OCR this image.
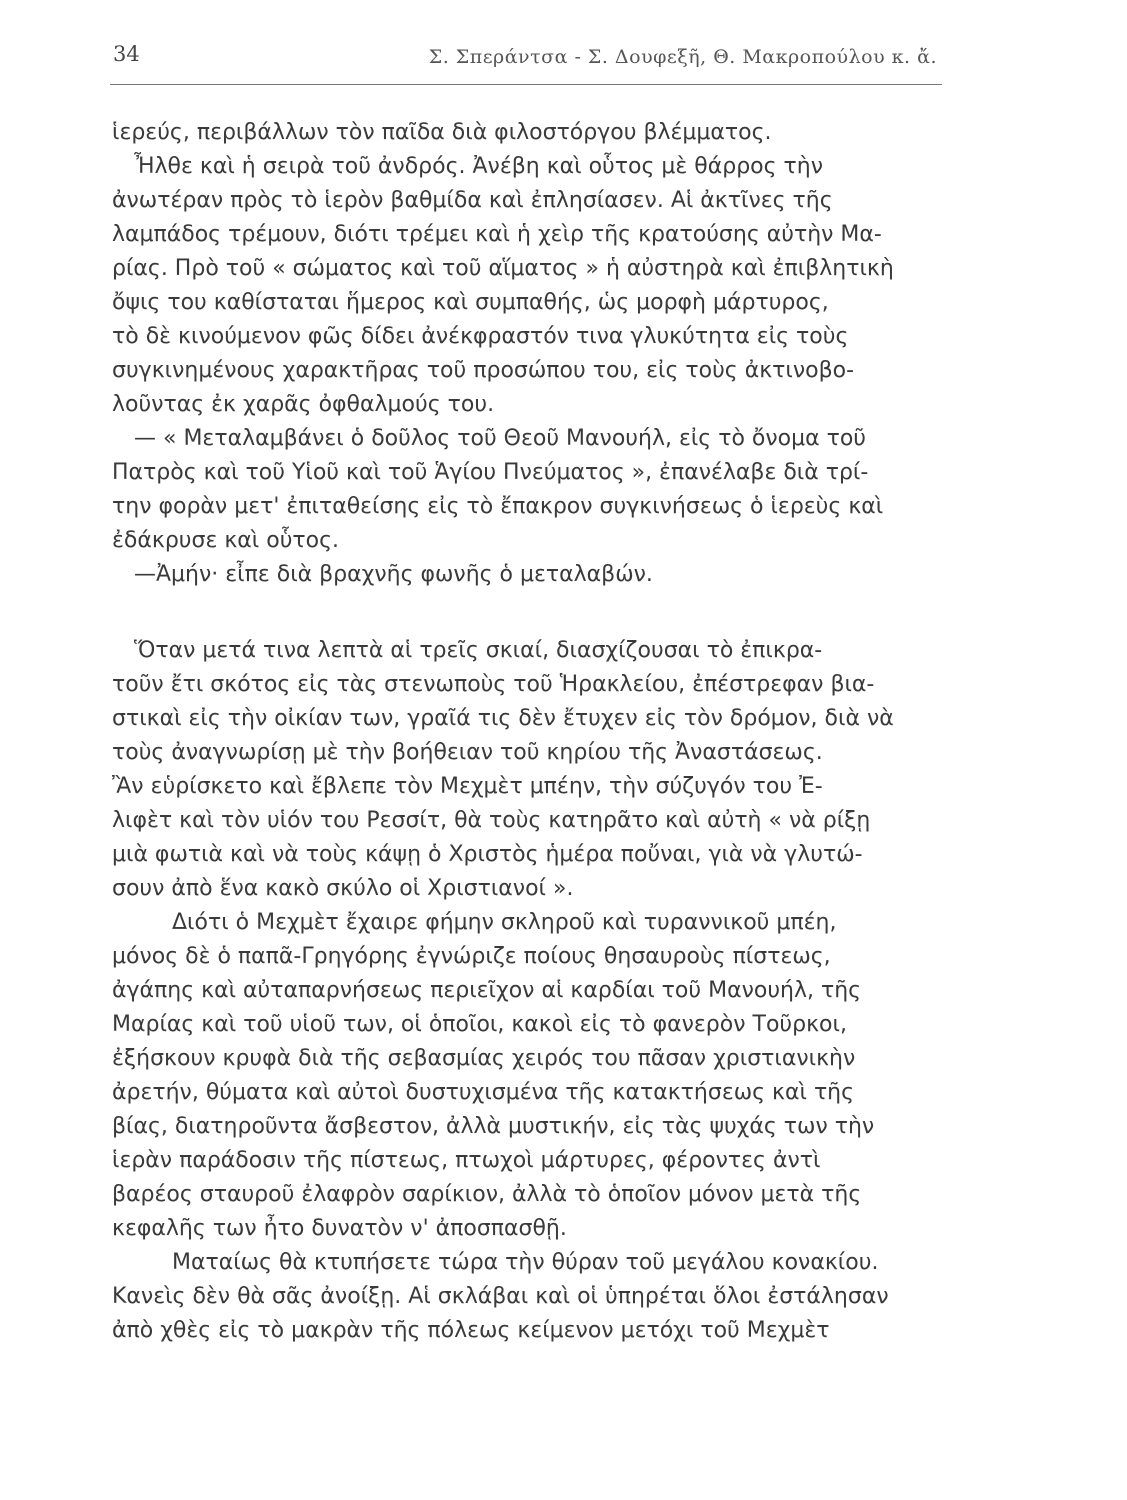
34	Σ. Σπεράντσα - Σ. Δουφεξῆ, Θ. Μακροπούλου κ. ἄ.
ἱερεύς, περιβάλλων τὸν παῖδα διὰ φιλοστόργου βλέμματος.
Ἦλθε καὶ ἡ σειρὰ τοῦ ἀνδρός. Ἀνέβη καὶ οὗτος μὲ θάρρος τὴν
ἀνωτέραν πρὸς τὸ ἱερὸν βαθμίδα καὶ ἐπλησίασεν. Αἱ ἀκτῖνες τῆς
λαμπάδος τρέμουν, διότι τρέμει καὶ ἡ χεὶρ τῆς κρατούσης αὐτὴν Μα-
ρίας. Πρὸ τοῦ « σώματος καὶ τοῦ αἵματος » ἡ αὐστηρὰ καὶ ἐπιβλητικὴ
ὄψις του καθίσταται ἥμερος καὶ συμπαθής, ὡς μορφὴ μάρτυρος,
τὸ δὲ κινούμενον φῶς δίδει ἀνέκφραστόν τινα γλυκύτητα εἰς τοὺς
συγκινημένους χαρακτῆρας τοῦ προσώπου του, εἰς τοὺς ἀκτινοβο-
λοῦντας ἐκ χαρᾶς ὀφθαλμούς του.
— « Μεταλαμβάνει ὁ δοῦλος τοῦ Θεοῦ Μανουήλ, εἰς τὸ ὄνομα τοῦ
Πατρὸς καὶ τοῦ Υἱοῦ καὶ τοῦ Ἁγίου Πνεύματος », ἐπανέλαβε διὰ τρί-
την φορὰν μετ' ἐπιταθείσης εἰς τὸ ἔπακρον συγκινήσεως ὁ ἱερεὺς καὶ
ἐδάκρυσε καὶ οὗτος.
—Ἀμήν· εἶπε διὰ βραχνῆς φωνῆς ὁ μεταλαβών.
Ὅταν μετά τινα λεπτὰ αἱ τρεῖς σκιαί, διασχίζουσαι τὸ ἐπικρα-
τοῦν ἔτι σκότος εἰς τὰς στενωποὺς τοῦ Ἡρακλείου, ἐπέστρεφαν βια-
στικαὶ εἰς τὴν οἰκίαν των, γραῖά τις δὲν ἔτυχεν εἰς τὸν δρόμον, διὰ νὰ
τοὺς ἀναγνωρίσῃ μὲ τὴν βοήθειαν τοῦ κηρίου τῆς Ἀναστάσεως.
Ἂν εὑρίσκετο καὶ ἔβλεπε τὸν Μεχμὲτ μπέην, τὴν σύζυγόν του Ἐ-
λιφὲτ καὶ τὸν υἱόν του Ρεσσίτ, θὰ τοὺς κατηρᾶτο καὶ αὐτὴ « νὰ ρίξῃ
μιὰ φωτιὰ καὶ νὰ τοὺς κάψῃ ὁ Χριστὸς ἡμέρα ποὔναι, γιὰ νὰ γλυτώ-
σουν ἀπὸ ἕνα κακὸ σκύλο οἱ Χριστιανοί ».
Διότι ὁ Μεχμὲτ ἔχαιρε φήμην σκληροῦ καὶ τυραννικοῦ μπέη,
μόνος δὲ ὁ παπᾶ-Γρηγόρης ἐγνώριζε ποίους θησαυροὺς πίστεως,
ἀγάπης καὶ αὐταπαρνήσεως περιεῖχον αἱ καρδίαι τοῦ Μανουήλ, τῆς
Μαρίας καὶ τοῦ υἱοῦ των, οἱ ὁποῖοι, κακοὶ εἰς τὸ φανερὸν Τοῦρκοι,
ἐξήσκουν κρυφὰ διὰ τῆς σεβασμίας χειρός του πᾶσαν χριστιανικὴν
ἀρετήν, θύματα καὶ αὐτοὶ δυστυχισμένα τῆς κατακτήσεως καὶ τῆς
βίας, διατηροῦντα ἄσβεστον, ἀλλὰ μυστικήν, εἰς τὰς ψυχάς των τὴν
ἱερὰν παράδοσιν τῆς πίστεως, πτωχοὶ μάρτυρες, φέροντες ἀντὶ
βαρέος σταυροῦ ἐλαφρὸν σαρίκιον, ἀλλὰ τὸ ὁποῖον μόνον μετὰ τῆς
κεφαλῆς των ἦτο δυνατὸν ν' ἀποσπασθῇ.
Ματαίως θὰ κτυπήσετε τώρα τὴν θύραν τοῦ μεγάλου κονακίου.
Κανεὶς δὲν θὰ σᾶς ἀνοίξῃ. Αἱ σκλάβαι καὶ οἱ ὑπηρέται ὅλοι ἐστάλησαν
ἀπὸ χθὲς εἰς τὸ μακρὰν τῆς πόλεως κείμενον μετόχι τοῦ Μεχμὲτ
